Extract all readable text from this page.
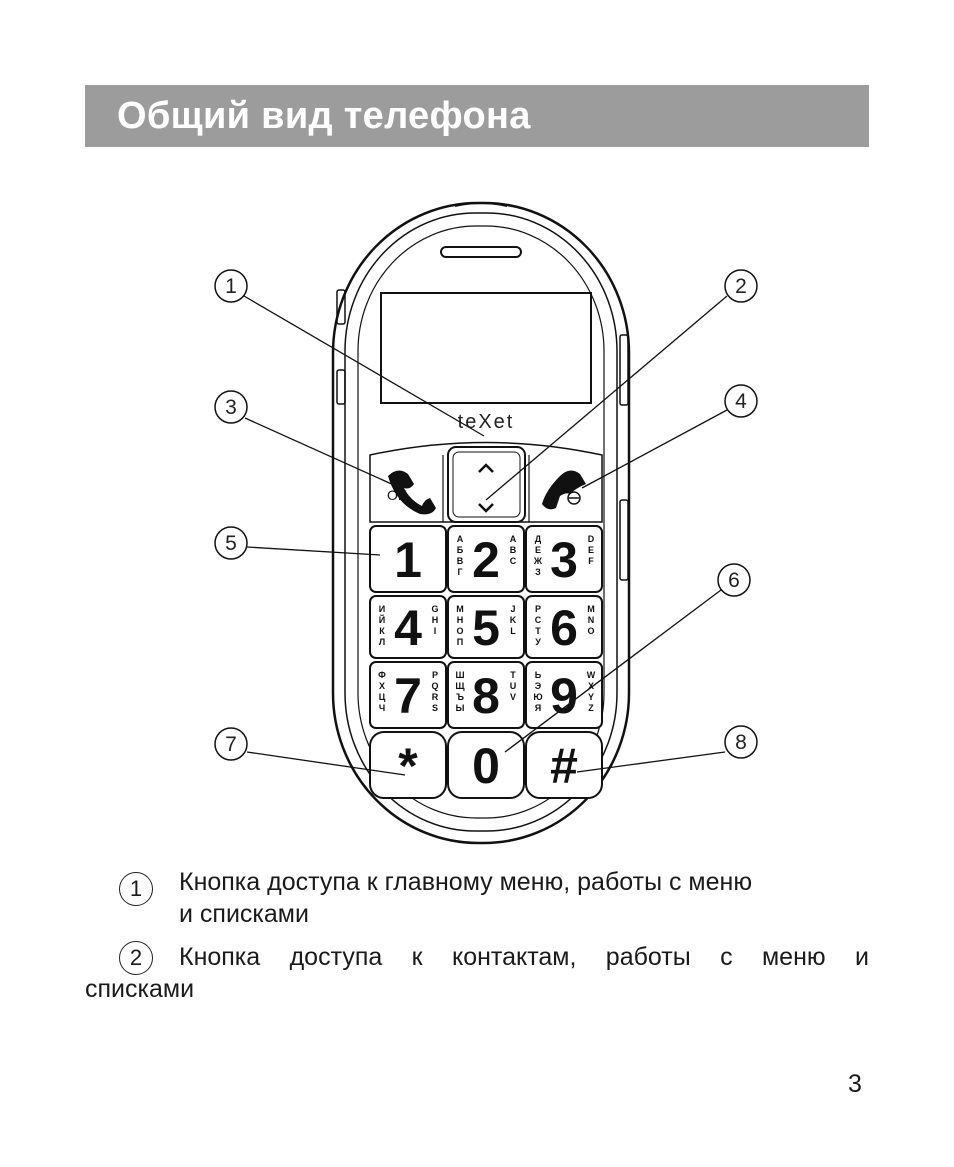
Общий вид телефона
teXet
OK
1 2
А
Б
В
Г
A
B
C 3
Д
Е
Ж
З
D
E
F
4
И
Й
К
Л
G
H
I 5
М
Н
О
П
J
K
L 6
Р
С
Т
У
M
N
O
7
Ф
Х
Ц
Ч
P
Q
R
S 8
Ш
Щ
Ъ
Ы
T
U
V 9
Ь
Э
Ю
Я
W
X
Y
Z
* 0 #
1	2
3	4
5
6
7	8
1	Кнопка доступа к главному меню, работы с меню
и списками
2	Кнопка доступа к контактам, работы с меню и
списками
3
